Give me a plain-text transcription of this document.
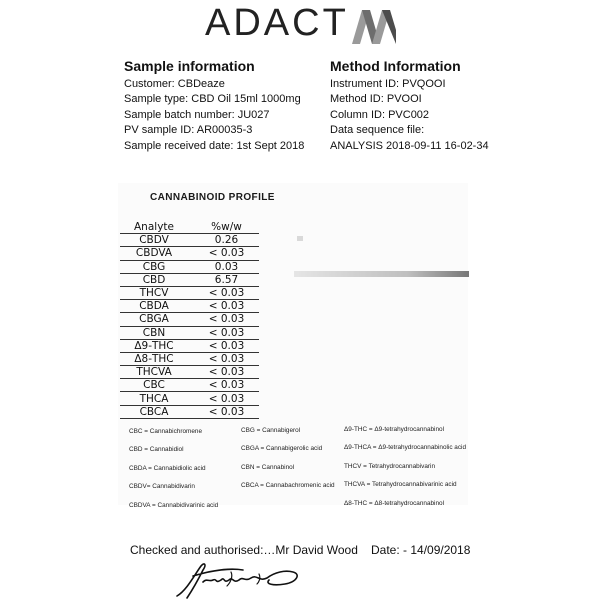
ADACT
Sample information
Customer: CBDeaze
Sample type: CBD Oil 15ml 1000mg
Sample batch number: JU027
PV sample ID: AR00035-3
Sample received date: 1st Sept 2018
Method Information
Instrument ID: PVQOOI
Method ID: PVOOI
Column ID: PVC002
Data sequence file:
ANALYSIS 2018-09-11 16-02-34
CANNABINOID PROFILE
Analyte	%w/w
CBDV	0.26
CBDVA	< 0.03
CBG	0.03
CBD	6.57
THCV	< 0.03
CBDA	< 0.03
CBGA	< 0.03
CBN	< 0.03
Δ9-THC	< 0.03
Δ8-THC	< 0.03
THCVA	< 0.03
CBC	< 0.03
THCA	< 0.03
CBCA	< 0.03
CBC = Cannabichromene
CBD = Cannabidiol
CBDA = Cannabidiolic acid
CBDV= Cannabidivarin
CBDVA = Cannabidivarinic acid
CBG = Cannabigerol
CBGA = Cannabigerolic acid
CBN = Cannabinol
CBCA = Cannabachromenic acid
Δ9-THC = Δ9-tetrahydrocannabinol
Δ9-THCA = Δ9-tetrahydrocannabinolic acid
THCV = Tetrahydrocannabivarin
THCVA = Tetrahydrocannabivarinic acid
Δ8-THC = Δ8-tetrahydrocannabinol
Checked and authorised:…Mr David Wood Date: - 14/09/2018
